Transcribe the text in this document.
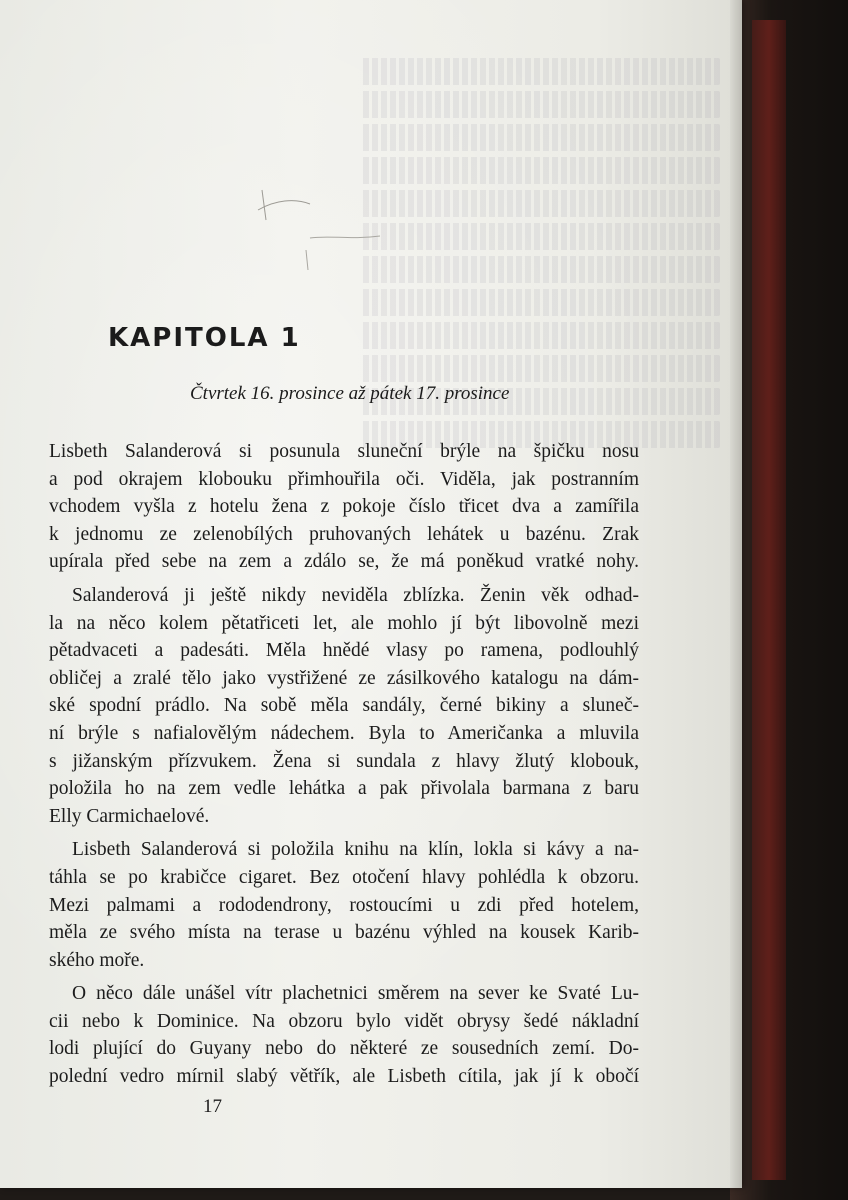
KAPITOLA 1
Čtvrtek 16. prosince až pátek 17. prosince
Lisbeth Salanderová si posunula sluneční brýle na špičku nosu
a pod okrajem klobouku přimhouřila oči. Viděla, jak postranním
vchodem vyšla z hotelu žena z pokoje číslo třicet dva a zamířila
k jednomu ze zelenobílých pruhovaných lehátek u bazénu. Zrak
upírala před sebe na zem a zdálo se, že má poněkud vratké nohy.
Salanderová ji ještě nikdy neviděla zblízka. Ženin věk odhad-
la na něco kolem pětatřiceti let, ale mohlo jí být libovolně mezi
pětadvaceti a padesáti. Měla hnědé vlasy po ramena, podlouhlý
obličej a zralé tělo jako vystřižené ze zásilkového katalogu na dám-
ské spodní prádlo. Na sobě měla sandály, černé bikiny a sluneč-
ní brýle s nafialovělým nádechem. Byla to Američanka a mluvila
s jižanským přízvukem. Žena si sundala z hlavy žlutý klobouk,
položila ho na zem vedle lehátka a pak přivolala barmana z baru
Elly Carmichaelové.
Lisbeth Salanderová si položila knihu na klín, lokla si kávy a na-
táhla se po krabičce cigaret. Bez otočení hlavy pohlédla k obzoru.
Mezi palmami a rododendrony, rostoucími u zdi před hotelem,
měla ze svého místa na terase u bazénu výhled na kousek Karib-
ského moře.
O něco dále unášel vítr plachetnici směrem na sever ke Svaté Lu-
cii nebo k Dominice. Na obzoru bylo vidět obrysy šedé nákladní
lodi plující do Guyany nebo do některé ze sousedních zemí. Do-
polední vedro mírnil slabý větřík, ale Lisbeth cítila, jak jí k obočí
17
